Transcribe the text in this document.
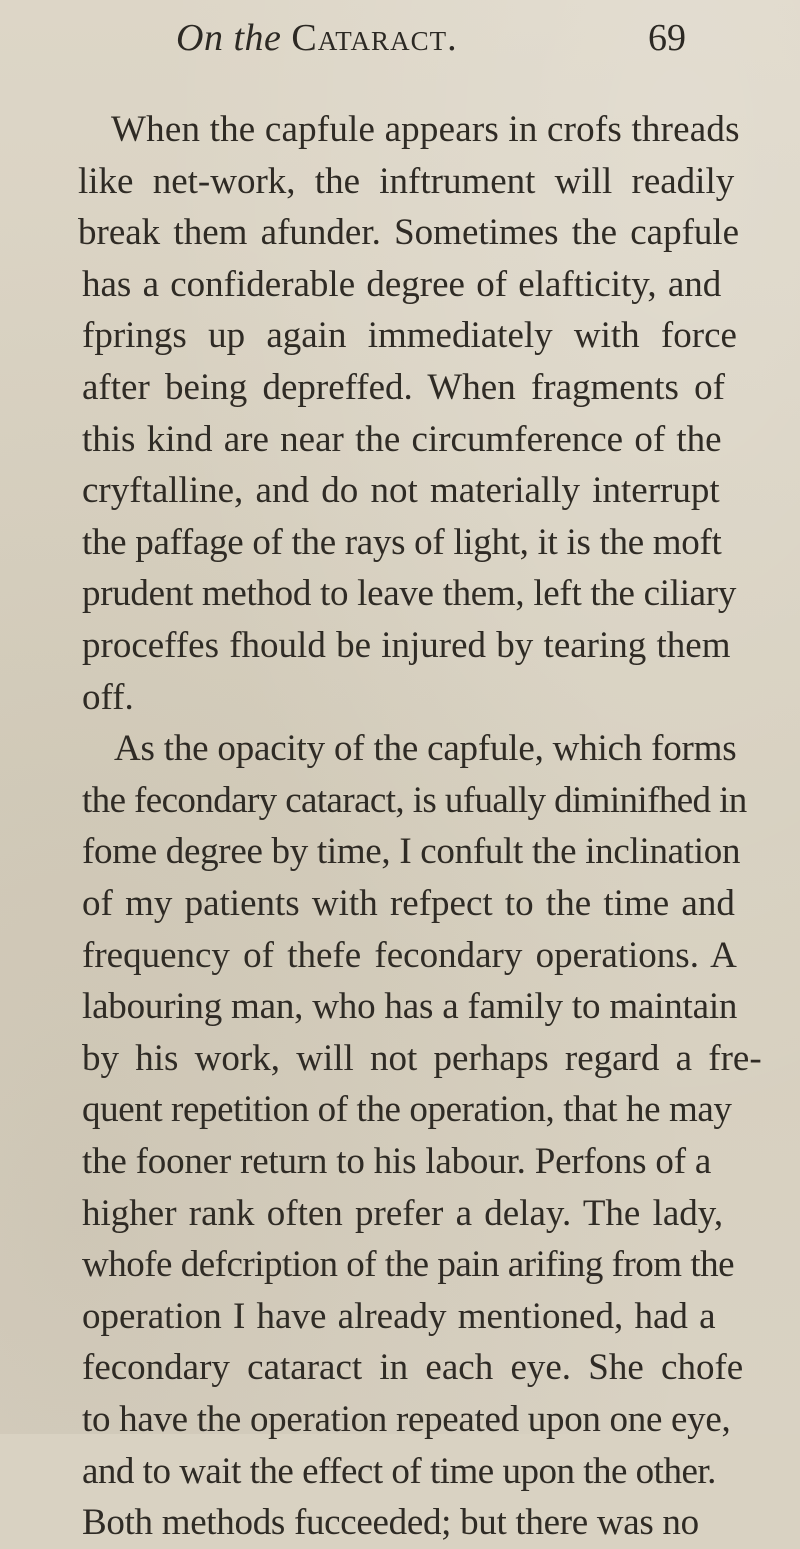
On the Cataract.	69
When the capfule appears in crofs threads
like net-work, the inftrument will readily
break them afunder. Sometimes the capfule
has a confiderable degree of elafticity, and
fprings up again immediately with force
after being depreffed. When fragments of
this kind are near the circumference of the
cryftalline, and do not materially interrupt
the paffage of the rays of light, it is the moft
prudent method to leave them, left the ciliary
proceffes fhould be injured by tearing them
off.
As the opacity of the capfule, which forms
the fecondary cataract, is ufually diminifhed in
fome degree by time, I confult the inclination
of my patients with refpect to the time and
frequency of thefe fecondary operations. A
labouring man, who has a family to maintain
by his work, will not perhaps regard a fre-
quent repetition of the operation, that he may
the fooner return to his labour. Perfons of a
higher rank often prefer a delay. The lady,
whofe defcription of the pain arifing from the
operation I have already mentioned, had a
fecondary cataract in each eye. She chofe
to have the operation repeated upon one eye,
and to wait the effect of time upon the other.
Both methods fucceeded; but there was no
